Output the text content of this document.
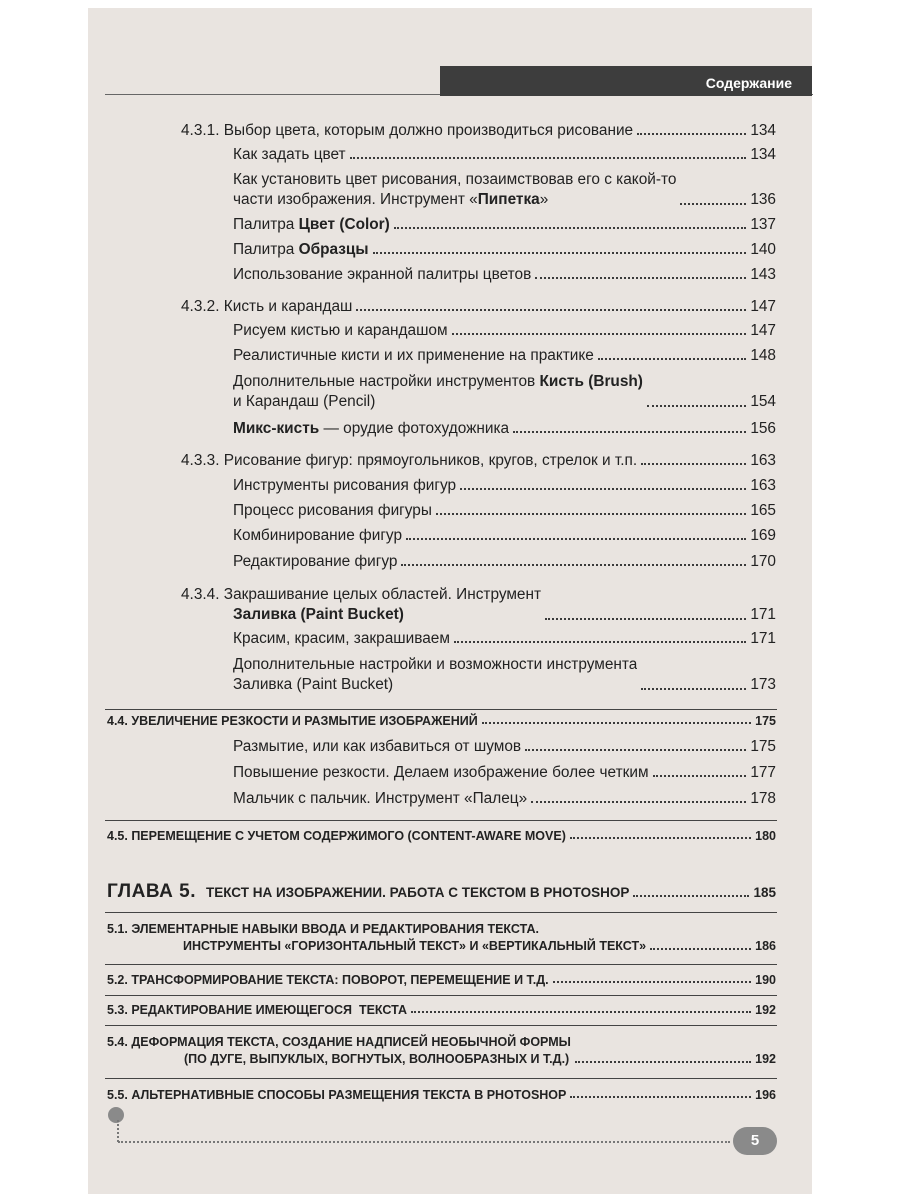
Содержание
4.3.1. Выбор цвета, которым должно производиться рисование	134
Как задать цвет	134
Как установить цвет рисования, позаимствовав его с какой-то
части изображения. Инструмент «Пипетка»	136
Палитра Цвет (Color)	137
Палитра Образцы	140
Использование экранной палитры цветов	143
4.3.2. Кисть и карандаш	147
Рисуем кистью и карандашом	147
Реалистичные кисти и их применение на практике	148
Дополнительные настройки инструментов Кисть (Brush)
и Карандаш (Pencil)	154
Микс-кисть — орудие фотохудожника	156
4.3.3. Рисование фигур: прямоугольников, кругов, стрелок и т.п.	163
Инструменты рисования фигур	163
Процесс рисования фигуры	165
Комбинирование фигур	169
Редактирование фигур	170
4.3.4. Закрашивание целых областей. Инструмент
Заливка (Paint Bucket)	171
Красим, красим, закрашиваем	171
Дополнительные настройки и возможности инструмента
Заливка (Paint Bucket)	173
4.4. УВЕЛИЧЕНИЕ РЕЗКОСТИ И РАЗМЫТИЕ ИЗОБРАЖЕНИЙ	175
Размытие, или как избавиться от шумов	175
Повышение резкости. Делаем изображение более четким	177
Мальчик с пальчик. Инструмент «Палец»	178
4.5. ПЕРЕМЕЩЕНИЕ С УЧЕТОМ СОДЕРЖИМОГО (CONTENT-AWARE MOVE)	180
ГЛАВА 5. ТЕКСТ НА ИЗОБРАЖЕНИИ. РАБОТА С ТЕКСТОМ В PHOTOSHOP	185
5.1. ЭЛЕМЕНТАРНЫЕ НАВЫКИ ВВОДА И РЕДАКТИРОВАНИЯ ТЕКСТА.
ИНСТРУМЕНТЫ «ГОРИЗОНТАЛЬНЫЙ ТЕКСТ» И «ВЕРТИКАЛЬНЫЙ ТЕКСТ»	186
5.2. ТРАНСФОРМИРОВАНИЕ ТЕКСТА: ПОВОРОТ, ПЕРЕМЕЩЕНИЕ И Т.Д.	190
5.3. РЕДАКТИРОВАНИЕ ИМЕЮЩЕГОСЯ  ТЕКСТА	192
5.4. ДЕФОРМАЦИЯ ТЕКСТА, СОЗДАНИЕ НАДПИСЕЙ НЕОБЫЧНОЙ ФОРМЫ
(ПО ДУГЕ, ВЫПУКЛЫХ, ВОГНУТЫХ, ВОЛНООБРАЗНЫХ И Т.Д.)	192
5.5. АЛЬТЕРНАТИВНЫЕ СПОСОБЫ РАЗМЕЩЕНИЯ ТЕКСТА В PHOTOSHOP	196
5
